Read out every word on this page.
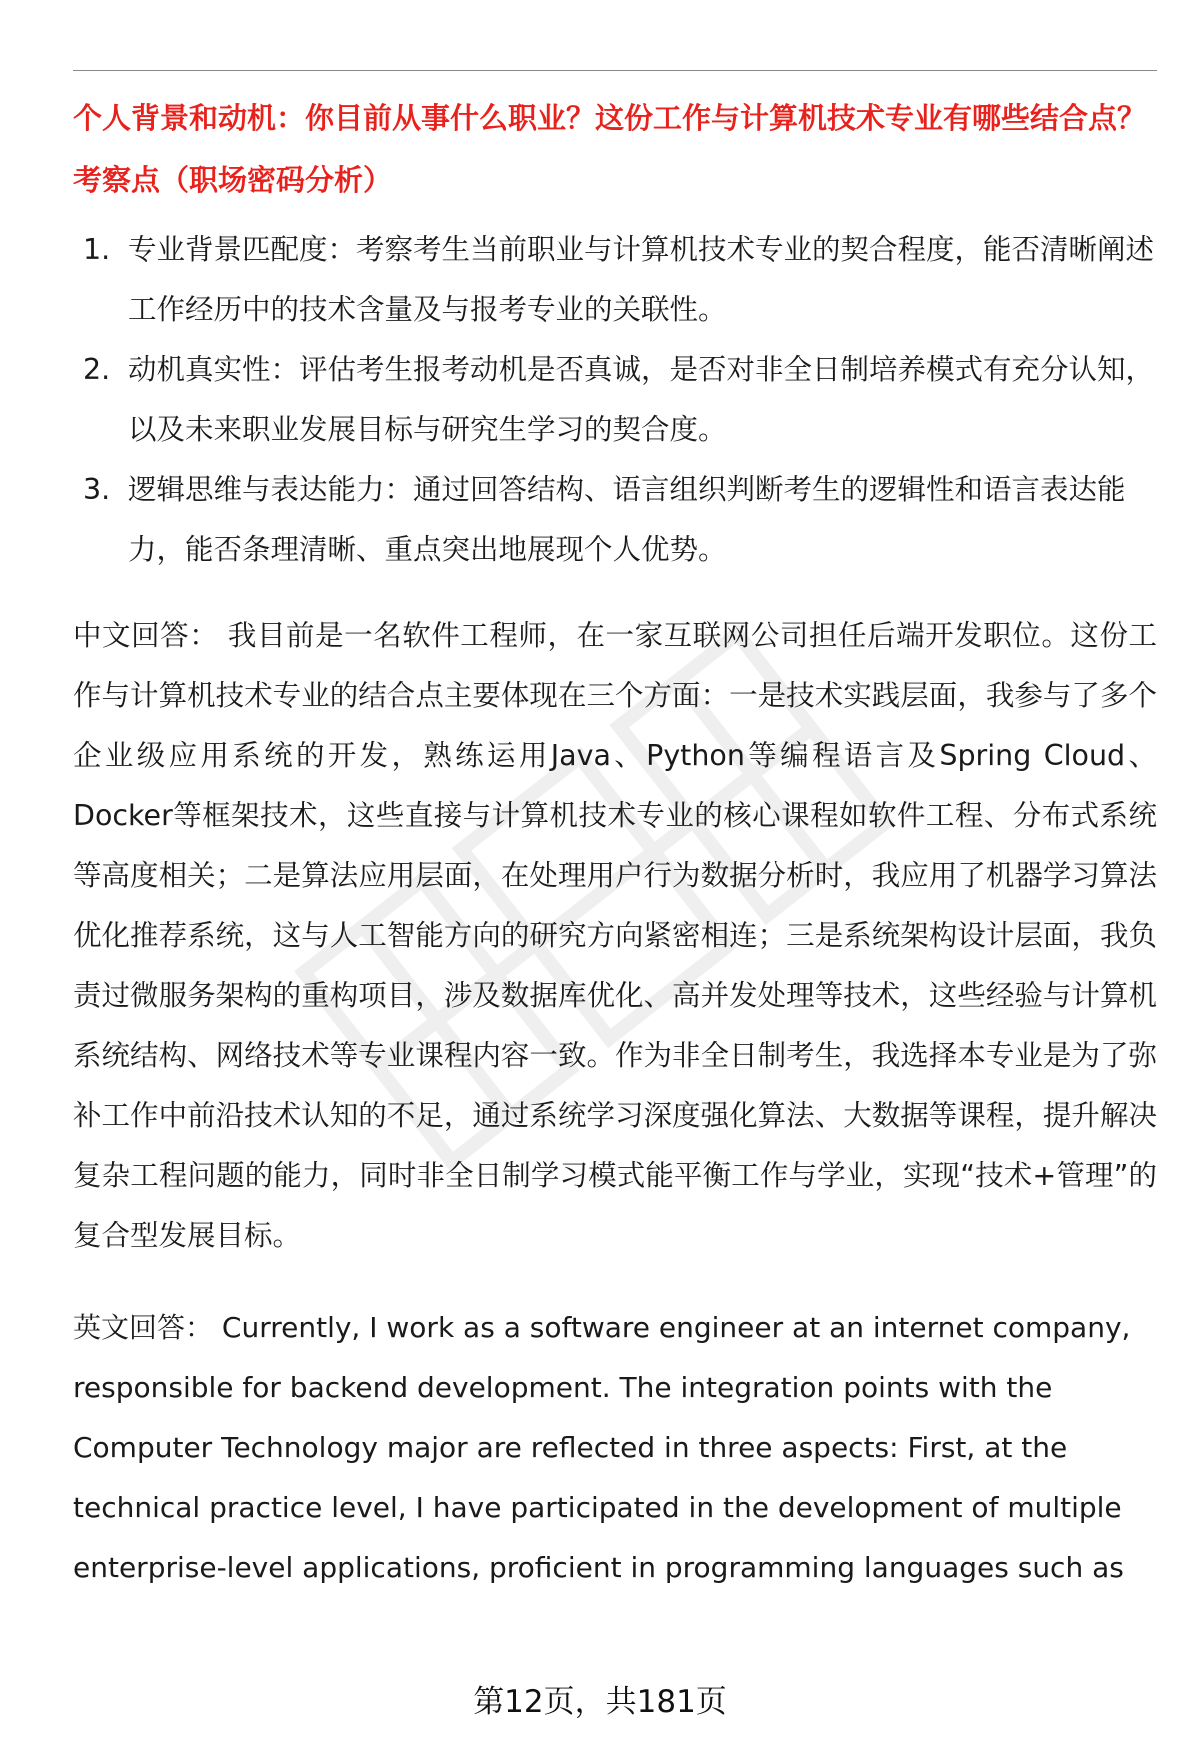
个人背景和动机：你目前从事什么职业？这份工作与计算机技术专业有哪些结合点？
考察点（职场密码分析）
1. 专业背景匹配度：考察考生当前职业与计算机技术专业的契合程度，能否清晰阐述工作经历中的技术含量及与报考专业的关联性。
2. 动机真实性：评估考生报考动机是否真诚，是否对非全日制培养模式有充分认知，以及未来职业发展目标与研究生学习的契合度。
3. 逻辑思维与表达能力：通过回答结构、语言组织判断考生的逻辑性和语言表达能力，能否条理清晰、重点突出地展现个人优势。

中文回答： 我目前是一名软件工程师，在一家互联网公司担任后端开发职位。这份工作与计算机技术专业的结合点主要体现在三个方面：一是技术实践层面，我参与了多个企业级应用系统的开发，熟练运用Java、Python等编程语言及Spring Cloud、Docker等框架技术，这些直接与计算机技术专业的核心课程如软件工程、分布式系统等高度相关；二是算法应用层面，在处理用户行为数据分析时，我应用了机器学习算法优化推荐系统，这与人工智能方向的研究方向紧密相连；三是系统架构设计层面，我负责过微服务架构的重构项目，涉及数据库优化、高并发处理等技术，这些经验与计算机系统结构、网络技术等专业课程内容一致。作为非全日制考生，我选择本专业是为了弥补工作中前沿技术认知的不足，通过系统学习深度强化算法、大数据等课程，提升解决复杂工程问题的能力，同时非全日制学习模式能平衡工作与学业，实现“技术+管理”的复合型发展目标。

英文回答： Currently, I work as a software engineer at an internet company, responsible for backend development. The integration points with the Computer Technology major are reflected in three aspects: First, at the technical practice level, I have participated in the development of multiple enterprise-level applications, proficient in programming languages such as

第12页，共181页
